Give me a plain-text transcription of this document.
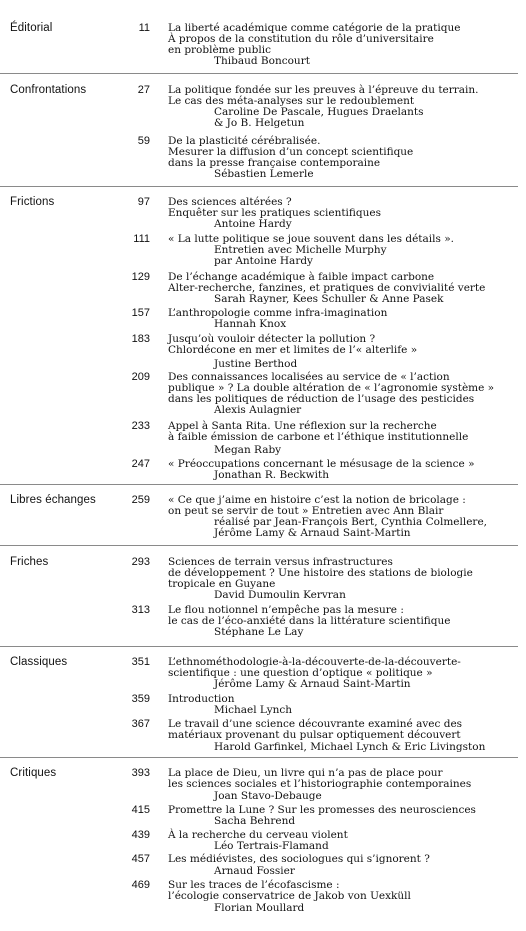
Éditorial
Confrontations
Frictions
Libres échanges
Friches
Classiques
Critiques
11 La liberté académique comme catégorie de la pratique
À propos de la constitution du rôle d’universitaire
en problème public
Thibaud Boncourt
27 La politique fondée sur les preuves à l’épreuve du terrain.
Le cas des méta-analyses sur le redoublement
Caroline De Pascale, Hugues Draelants
& Jo B. Helgetun
59 De la plasticité cérébralisée.
Mesurer la diffusion d’un concept scientifique
dans la presse française contemporaine
Sébastien Lemerle
97 Des sciences altérées ?
Enquêter sur les pratiques scientifiques
Antoine Hardy
111 « La lutte politique se joue souvent dans les détails ».
Entretien avec Michelle Murphy
par Antoine Hardy
129 De l’échange académique à faible impact carbone
Alter-recherche, fanzines, et pratiques de convivialité verte
Sarah Rayner, Kees Schuller & Anne Pasek
157 L’anthropologie comme infra-imagination
Hannah Knox
183 Jusqu’où vouloir détecter la pollution ?
Chlordécone en mer et limites de l’« alterlife »
Justine Berthod
209 Des connaissances localisées au service de « l’action
publique » ? La double altération de « l’agronomie système »
dans les politiques de réduction de l’usage des pesticides
Alexis Aulagnier
233 Appel à Santa Rita. Une réflexion sur la recherche
à faible émission de carbone et l’éthique institutionnelle
Megan Raby
247 « Préoccupations concernant le mésusage de la science »
Jonathan R. Beckwith
259 « Ce que j’aime en histoire c’est la notion de bricolage :
on peut se servir de tout » Entretien avec Ann Blair
réalisé par Jean-François Bert, Cynthia Colmellere,
Jérôme Lamy & Arnaud Saint-Martin
293 Sciences de terrain versus infrastructures
de développement ? Une histoire des stations de biologie
tropicale en Guyane
David Dumoulin Kervran
313 Le flou notionnel n’empêche pas la mesure :
le cas de l’éco-anxiété dans la littérature scientifique
Stéphane Le Lay
351 L’ethnométhodologie-à-la-découverte-de-la-découverte-
scientifique : une question d’optique « politique »
Jérôme Lamy & Arnaud Saint-Martin
359 Introduction
Michael Lynch
367 Le travail d’une science découvrante examiné avec des
matériaux provenant du pulsar optiquement découvert
Harold Garfinkel, Michael Lynch & Eric Livingston
393 La place de Dieu, un livre qui n’a pas de place pour
les sciences sociales et l’historiographie contemporaines
Joan Stavo-Debauge
415 Promettre la Lune ? Sur les promesses des neurosciences
Sacha Behrend
439 À la recherche du cerveau violent
Léo Tertrais-Flamand
457 Les médiévistes, des sociologues qui s’ignorent ?
Arnaud Fossier
469 Sur les traces de l’écofascisme :
l’écologie conservatrice de Jakob von Uexküll
Florian Moullard
